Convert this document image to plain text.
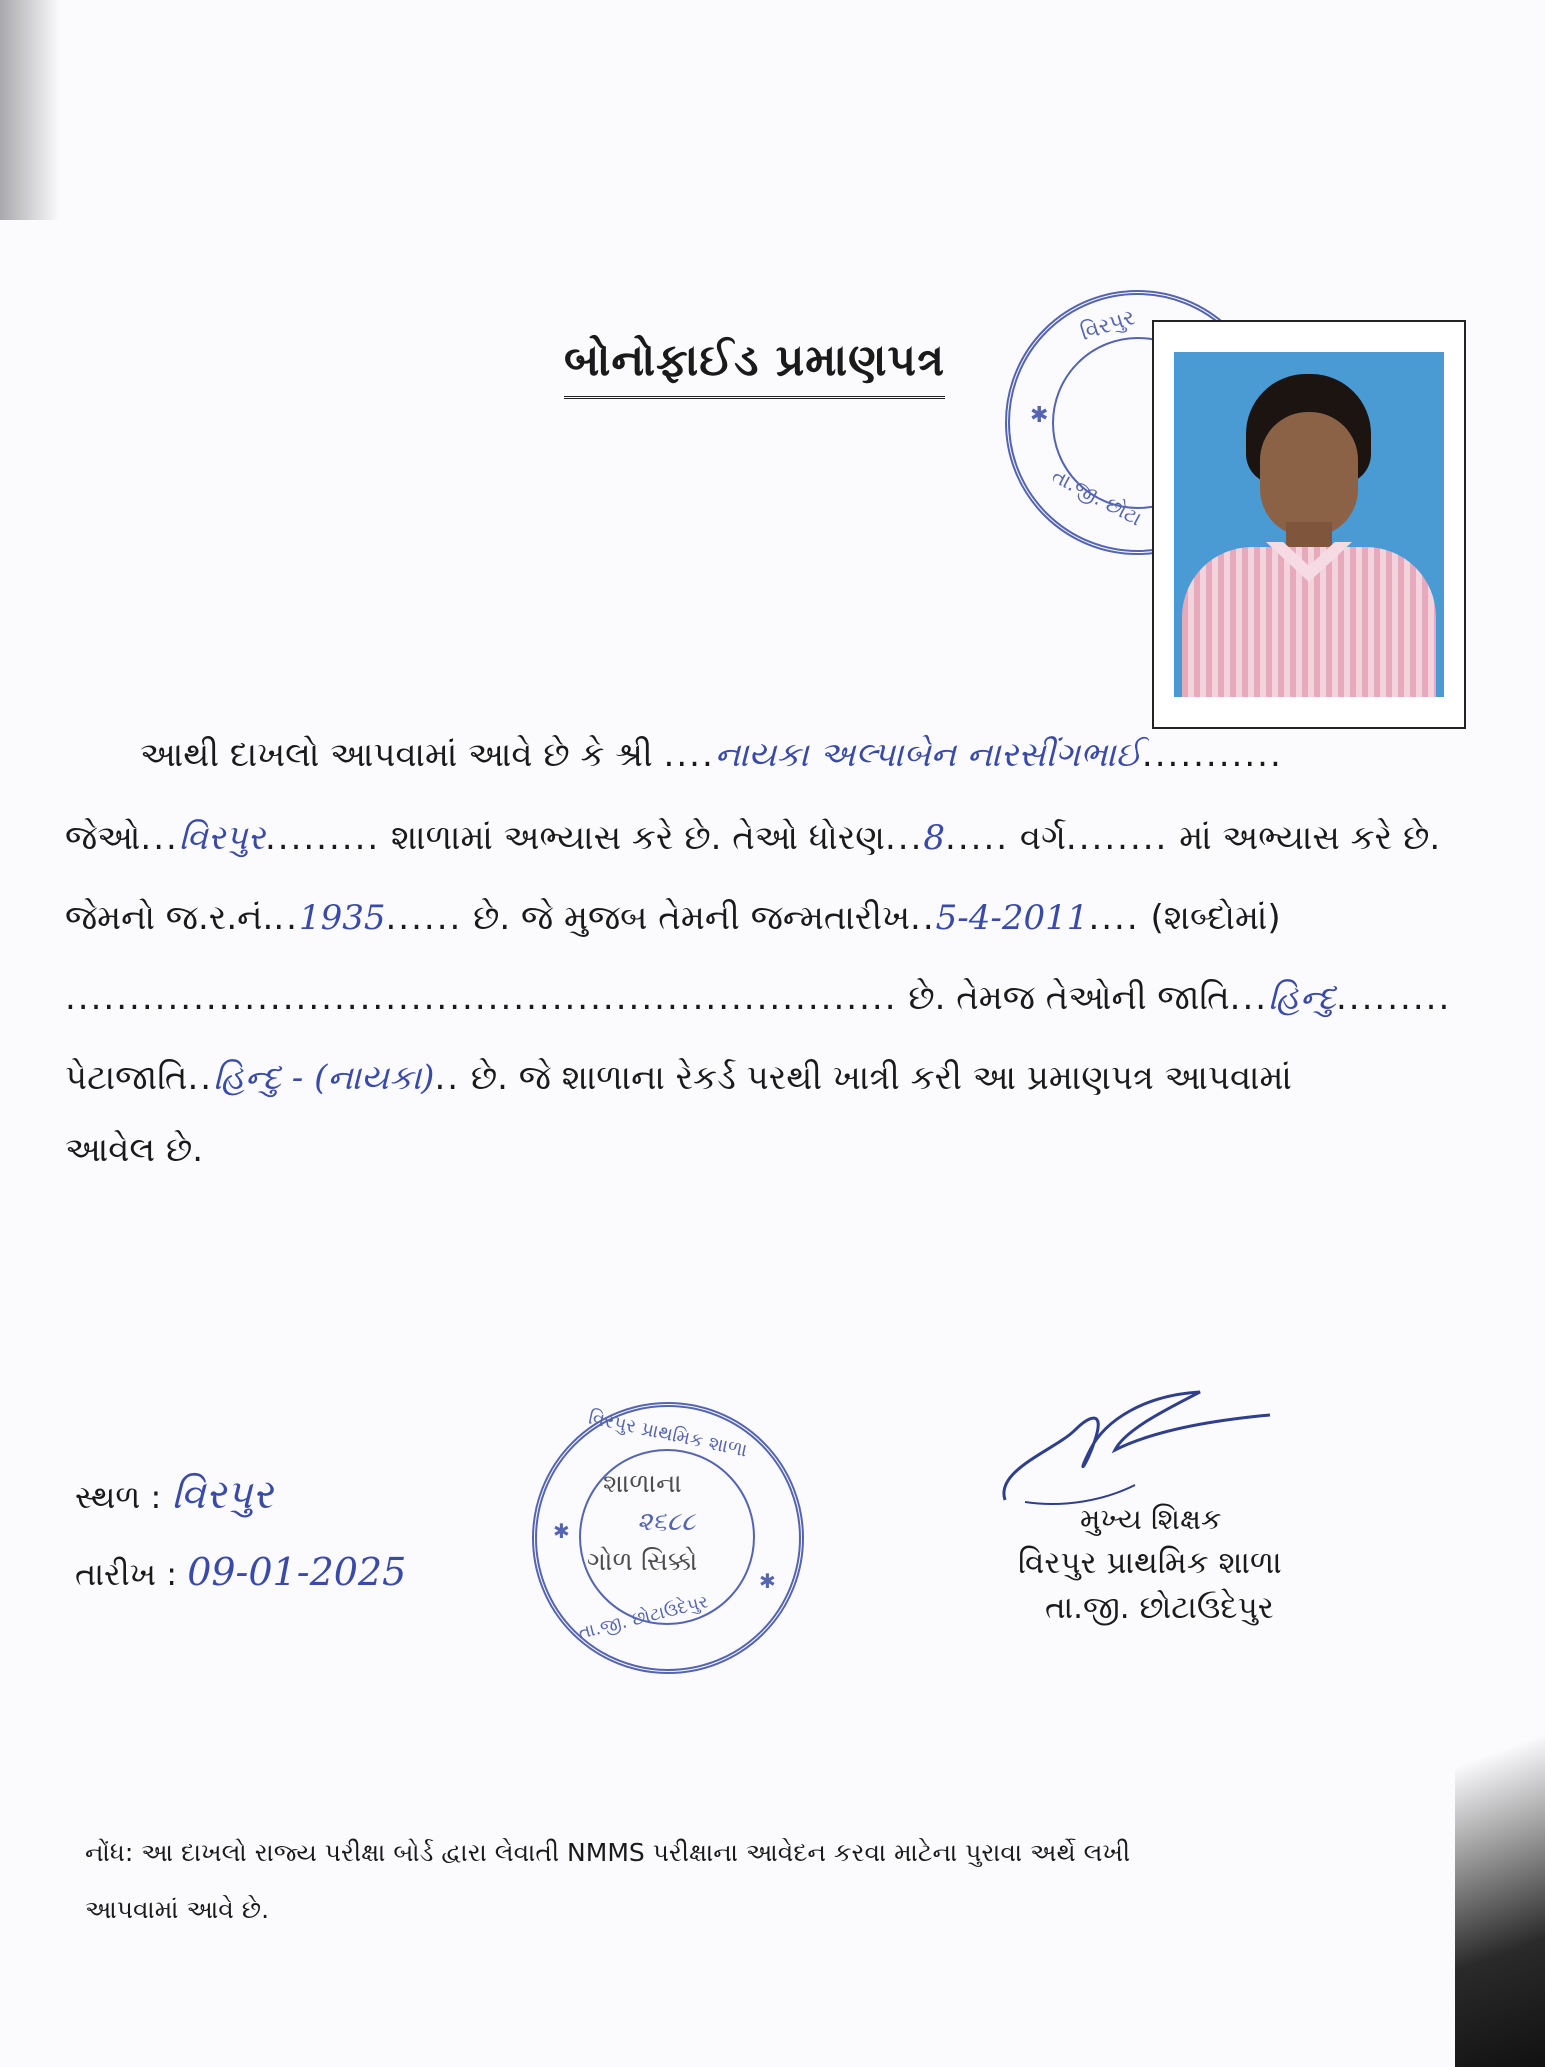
બોનોફાઈડ પ્રમાણપત્ર
વિરપુર
તા.જી. છોટા
✱
આથી દાખલો આપવામાં આવે છે કે શ્રી ....નાયકા અલ્પાબેન નારસીંગભાઈ...........
જેઓ...વિરપુર......... શાળામાં અભ્યાસ કરે છે. તેઓ ધોરણ...8..... વર્ગ........ માં અભ્યાસ કરે છે.
જેમનો જ.ર.નં...1935...... છે. જે મુજબ તેમની જન્મતારીખ..5-4-2011.... (શબ્દોમાં)
................................................................. છે. તેમજ તેઓની જાતિ...હિન્દુ.........
પેટાજાતિ..હિન્દુ - (નાયકા).. છે. જે શાળાના રેકર્ડ પરથી ખાત્રી કરી આ પ્રમાણપત્ર આપવામાં
આવેલ છે.
સ્થળ : વિરપુર
તારીખ : 09-01-2025
વિરપુર પ્રાથમિક શાળા
શાળાના
૨૬૮૮
ગોળ સિક્કો
તા.જી. છોટાઉદેપુર
✱
✱
મુખ્ય શિક્ષક
વિરપુર પ્રાથમિક શાળા
તા.જી. છોટાઉદેપુર
નોંધ: આ દાખલો રાજ્ય પરીક્ષા બોર્ડ દ્વારા લેવાતી NMMS પરીક્ષાના આવેદન કરવા માટેના પુરાવા અર્થે લખી
આપવામાં આવે છે.
